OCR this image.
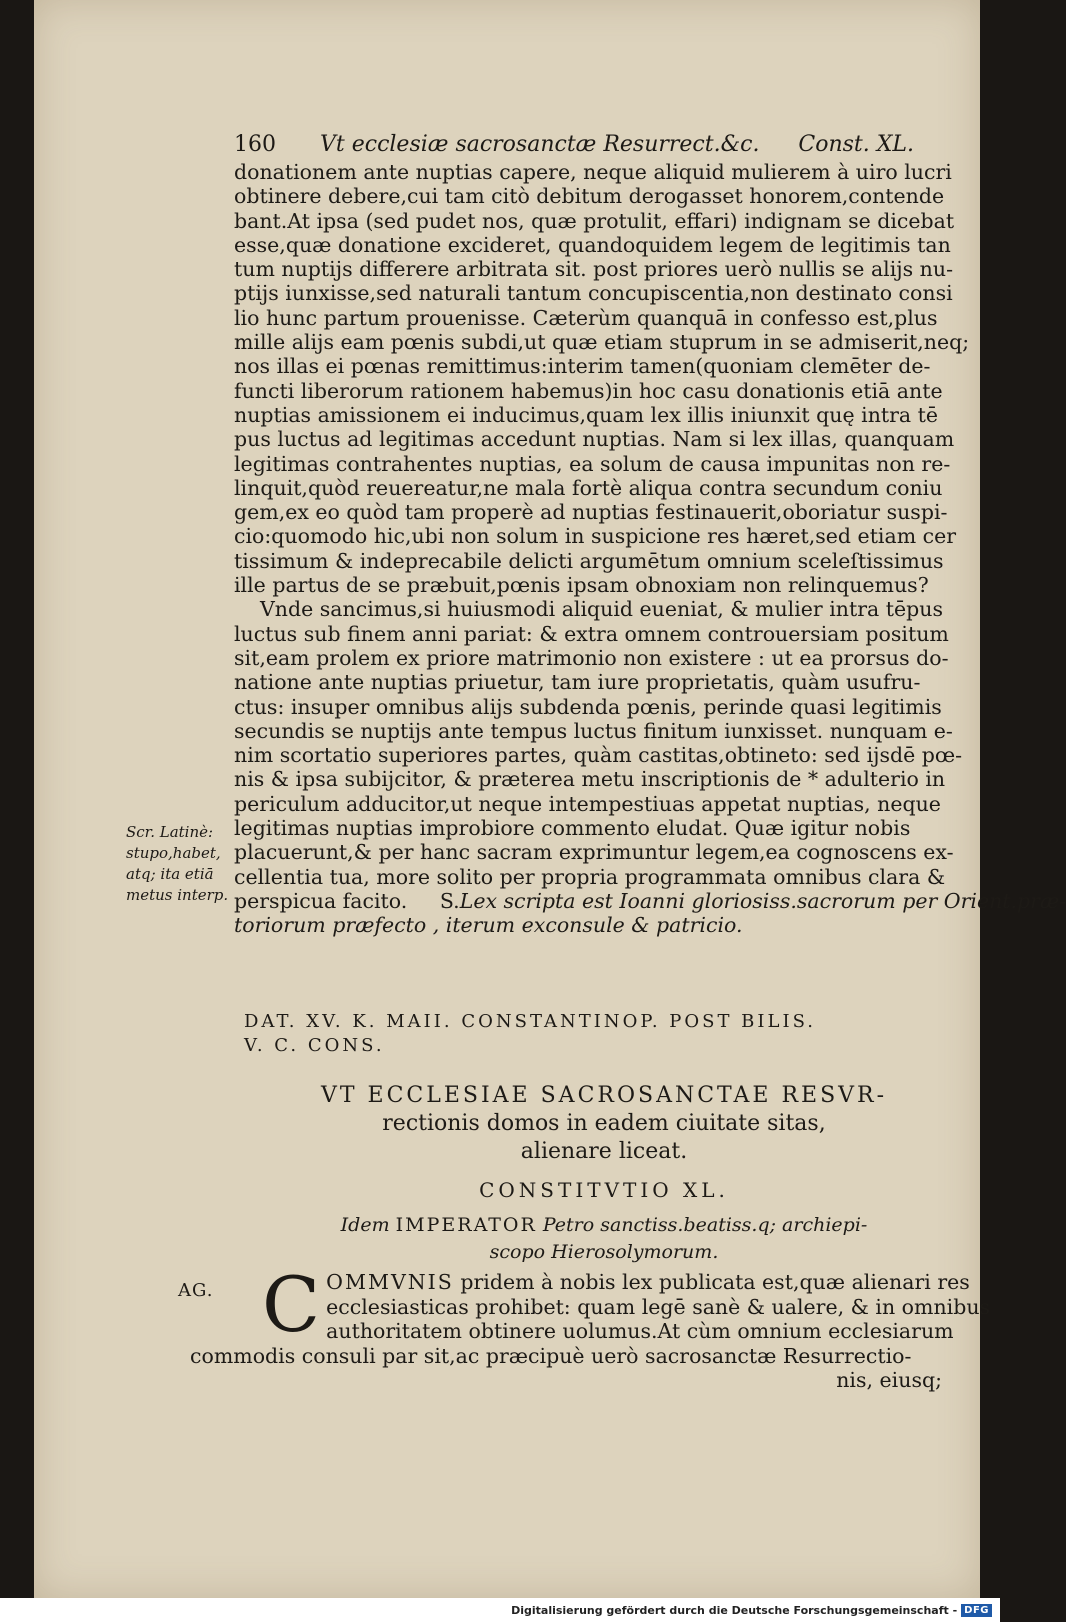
160	Vt ecclesiæ sacrosanctæ Resurrect.&c.	Const. XL.
donationem ante nuptias capere, neque aliquid mulierem à uiro lucri
obtinere debere,cui tam citò debitum derogasset honorem,contende
bant.At ipsa (sed pudet nos, quæ protulit, effari) indignam se dicebat
esse,quæ donatione excideret, quandoquidem legem de legitimis tan
tum nuptijs differere arbitrata sit. post priores uerò nullis se alijs nu-
ptijs iunxisse,sed naturali tantum concupiscentia,non destinato consi
lio hunc partum prouenisse. Cæterùm quanquā in confesso est,plus
mille alijs eam pœnis subdi,ut quæ etiam stuprum in se admiserit,neq;
nos illas ei pœnas remittimus:interim tamen(quoniam clemēter de-
functi liberorum rationem habemus)in hoc casu donationis etiā ante
nuptias amissionem ei inducimus,quam lex illis iniunxit quę intra tē
pus luctus ad legitimas accedunt nuptias. Nam si lex illas, quanquam
legitimas contrahentes nuptias, ea solum de causa impunitas non re-
linquit,quòd reuereatur,ne mala fortè aliqua contra secundum coniu
gem,ex eo quòd tam properè ad nuptias festinauerit,oboriatur suspi-
cio:quomodo hic,ubi non solum in suspicione res hæret,sed etiam cer
tissimum & indeprecabile delicti argumētum omnium sceleſtissimus
ille partus de se præbuit,pœnis ipsam obnoxiam non relinquemus?
Vnde sancimus,si huiusmodi aliquid eueniat, & mulier intra tēpus
luctus sub finem anni pariat: & extra omnem controuersiam positum
sit,eam prolem ex priore matrimonio non existere : ut ea prorsus do-
natione ante nuptias priuetur, tam iure proprietatis, quàm usufru-
ctus: insuper omnibus alijs subdenda pœnis, perinde quasi legitimis
secundis se nuptijs ante tempus luctus finitum iunxisset. nunquam e-
nim scortatio superiores partes, quàm castitas,obtineto: sed ijsdē pœ-
nis & ipsa subijcitor, & præterea metu inscriptionis de * adulterio in
periculum adducitor,ut neque intempestiuas appetat nuptias, neque
legitimas nuptias improbiore commento eludat. Quæ igitur nobis
placuerunt,& per hanc sacram exprimuntur legem,ea cognoscens ex-
cellentia tua, more solito per propria programmata omnibus clara &
perspicua facito. S.Lex scripta est Ioanni gloriosiss.sacrorum per Orient.præ-
toriorum præfecto , iterum exconsule & patricio.
Scr. Latinè:
stupo,habet,
atq; ita etiā
metus interp.
DAT. XV. K. MAII. CONSTANTINOP. POST BILIS.
V. C. CONS.
VT ECCLESIAE SACROSANCTAE RESVR-
rectionis domos in eadem ciuitate sitas,
alienare liceat.
CONSTITVTIO XL.
Idem IMPERATOR Petro sanctiss.beatiss.q; archiepi-
scopo Hierosolymorum.
AG. C OMMVNIS pridem à nobis lex publicata est,quæ alienari res
ecclesiasticas prohibet: quam legē sanè & ualere, & in omnibus
authoritatem obtinere uolumus.At cùm omnium ecclesiarum
commodis consuli par sit,ac præcipuè uerò sacrosanctæ Resurrectio-
nis, eiusq;
Digitalisierung gefördert durch die Deutsche Forschungsgemeinschaft - DFG
